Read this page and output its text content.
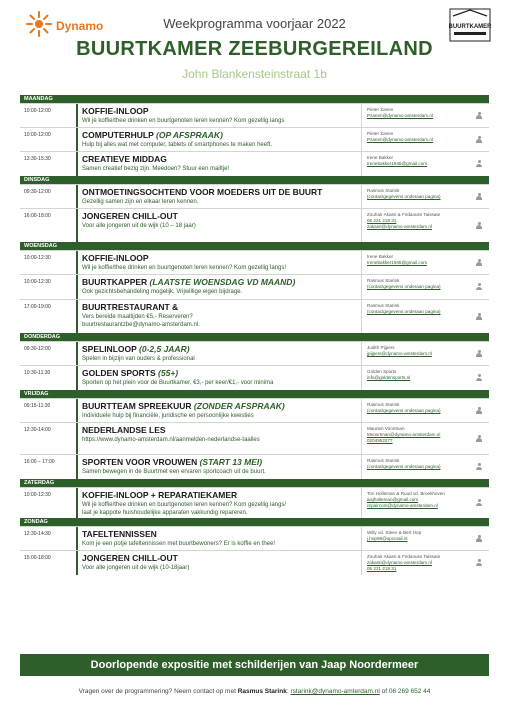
Dynamo	Weekprogramma voorjaar 2022
BUURTKAMER ZEEBURGEREILAND
John Blankensteinstraat 1b
BUURTKAMER
MAANDAG
10:00-12:00	KOFFIE-INLOOP
Wil je koffie/thee drinken en buurtgenoten leren kennen? Kom gezellig langs
Pieter Zanen
Pzanen@dynamo-amsterdam.nl
10:00-12:00	COMPUTERHULP (OP AFSPRAAK)
Hulp bij alles wat met computer, tablets of smartphones te maken heeft.
Pieter Zanen
Pzanen@dynamo-amsterdam.nl
13:30-15:30	CREATIEVE MIDDAG
Samen creatief bezig zijn. Meedoen? Stuur een mailtje!
Irene Bakker
Irenebakker1945@gmail.com
DINSDAG
09:30-12:00	ONTMOETINGSOCHTEND VOOR MOEDERS UIT DE BUURT
Gezellig samen zijn en elkaar leren kennen.
Rasmus Starink
(contactgegevens onderaan pagina)
16:00-18:00	JONGEREN CHILL-OUT
Voor alle jongeren uit de wijk (10 – 18 jaar)
Zouhair Akasri & Firdaouss Taissate
06 221 219 31
zakasri@dynamo-amsterdam.nl
WOENSDAG
10:00-12:30	KOFFIE-INLOOP
Wil je koffie/thee drinken en buurtgenoten leren kennen? Kom gezellig langs!
Irene Bakker
Irenebakker1945@gmail.com
10:00-12:30	BUURTKAPPER (LAATSTE WOENSDAG VD MAAND)
Ook gezichtsbehandeling mogelijk. Vrijwillige eigen bijdrage.
Rasmus Starink
(contactgegevens onderaan pagina)
17:00-19:00	BUURTRESTAURANT &
Vers bereide maaltijden €5,- Reserveren?
buurtrestaurantzbe@dynamo-amsterdam.nl.
Rasmus Starink
(contactgegevens onderaan pagina)
DONDERDAG
09:30-12:00	SPELINLOOP (0-2,5 JAAR)
Spelen in bijzijn van ouders & professional
Judith Pijpers
jpijpers@dynamo-amsterdam.nl
10:30-11:30	GOLDEN SPORTS (55+)
Sporten op het plein voor de Buurtkamer, €3,- per keer/€1,- voor minima
Golden Sports
info@goldensports.nl
VRIJDAG
09:15-11:30	BUURTTEAM SPREEKUUR (ZONDER AFSPRAAK)
Individuele hulp bij financiële, juridische en persoonlijke kwesties
Rasmus Starink
(contactgegevens onderaan pagina)
12:30-14:00	NEDERLANDSE LES
https://www.dynamo-amsterdam.nl/aanmelden-nederlandse-taalles
Maurien Voortman
Mvoortman@dynamo-amsterdam.nl
0204952277
16:00 – 17:00	SPORTEN VOOR VROUWEN (START 13 MEI)
Samen bewegen in de Buurtmet een ervaren sportcoach uit de buurt.
Rasmus Starink
(contactgegevens onderaan pagina)
ZATERDAG
10:00-12:30	KOFFIE-INLOOP + REPARATIEKAMER
Wil je koffie/thee drinken en buurtgenoten leren kennen? Kom gezellig langs/
laat je kappote huishoudelijke apparaten vakkundig repareren.
Ton Holleman & Ruud vd. Broekhoven
aixjholleman@gmail.com
repaircom@dynamo-amsterdam.nl
ZONDAG
12:30-14:30	TAFELTENNISSEN
Kom je een potje tafeltennissen met buurtbewoners? Er is koffie en thee!
Willy vd. Steen & Bert Hop
j.hop69@upcmail.nl
15:00-18:00	JONGEREN CHILL-OUT
Voor alle jongeren uit de wijk (10-18jaar)
Zouhair Akasri & Firdaouss Taissate
zakasri@dynamo-amsterdam.nl
06 221 219 31
Doorlopende expositie met schilderijen van Jaap Noordermeer
Vragen over de programmering? Neem contact op met Rasmus Starink: rstarink@dynamo-amterdam.nl of 06 269 652 44
